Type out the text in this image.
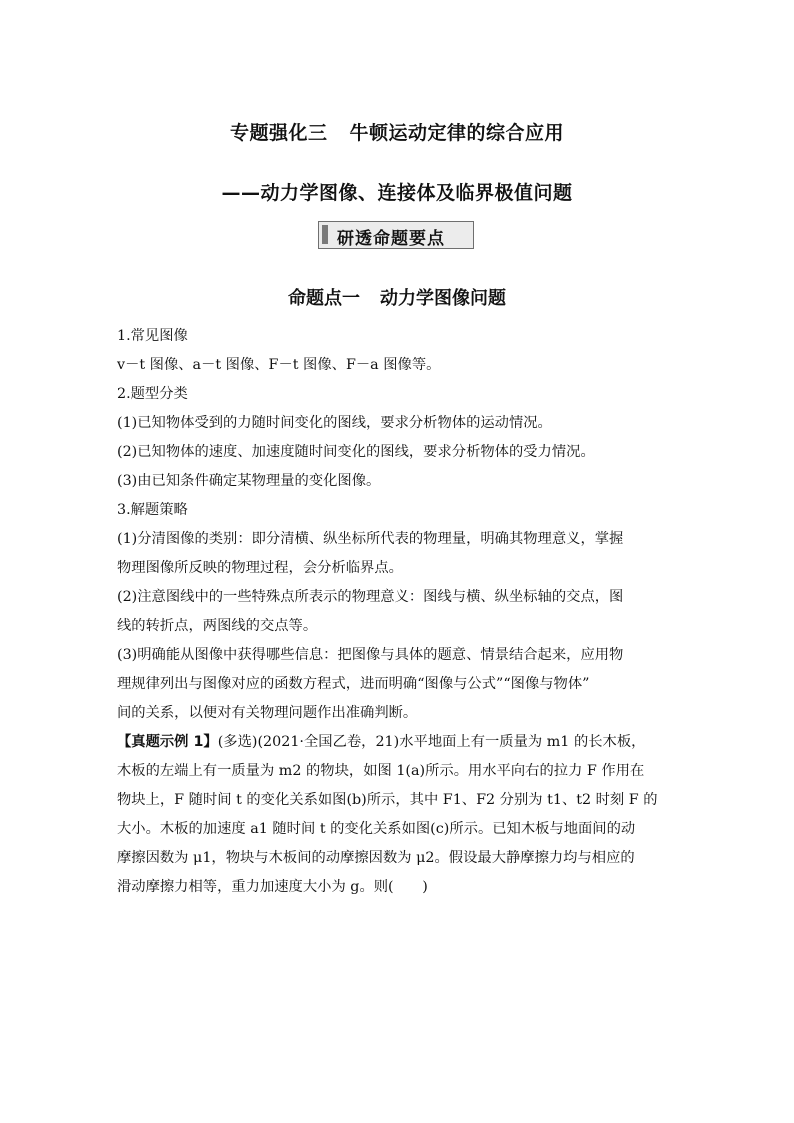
专题强化三 牛顿运动定律的综合应用
——动力学图像、连接体及临界极值问题
研透命题要点
命题点一 动力学图像问题
1.常见图像
v－t 图像、a－t 图像、F－t 图像、F－a 图像等。
2.题型分类
(1)已知物体受到的力随时间变化的图线，要求分析物体的运动情况。
(2)已知物体的速度、加速度随时间变化的图线，要求分析物体的受力情况。
(3)由已知条件确定某物理量的变化图像。
3.解题策略
(1)分清图像的类别：即分清横、纵坐标所代表的物理量，明确其物理意义，掌握
物理图像所反映的物理过程，会分析临界点。
(2)注意图线中的一些特殊点所表示的物理意义：图线与横、纵坐标轴的交点，图
线的转折点，两图线的交点等。
(3)明确能从图像中获得哪些信息：把图像与具体的题意、情景结合起来，应用物
理规律列出与图像对应的函数方程式，进而明确“图像与公式”“图像与物体”
间的关系，以便对有关物理问题作出准确判断。
【真题示例 1】(多选)(2021·全国乙卷，21)水平地面上有一质量为 m1 的长木板，
木板的左端上有一质量为 m2 的物块，如图 1(a)所示。用水平向右的拉力 F 作用在
物块上，F 随时间 t 的变化关系如图(b)所示，其中 F1、F2 分别为 t1、t2 时刻 F 的
大小。木板的加速度 a1 随时间 t 的变化关系如图(c)所示。已知木板与地面间的动
摩擦因数为 μ1，物块与木板间的动摩擦因数为 μ2。假设最大静摩擦力均与相应的
滑动摩擦力相等，重力加速度大小为 g。则(　　)
